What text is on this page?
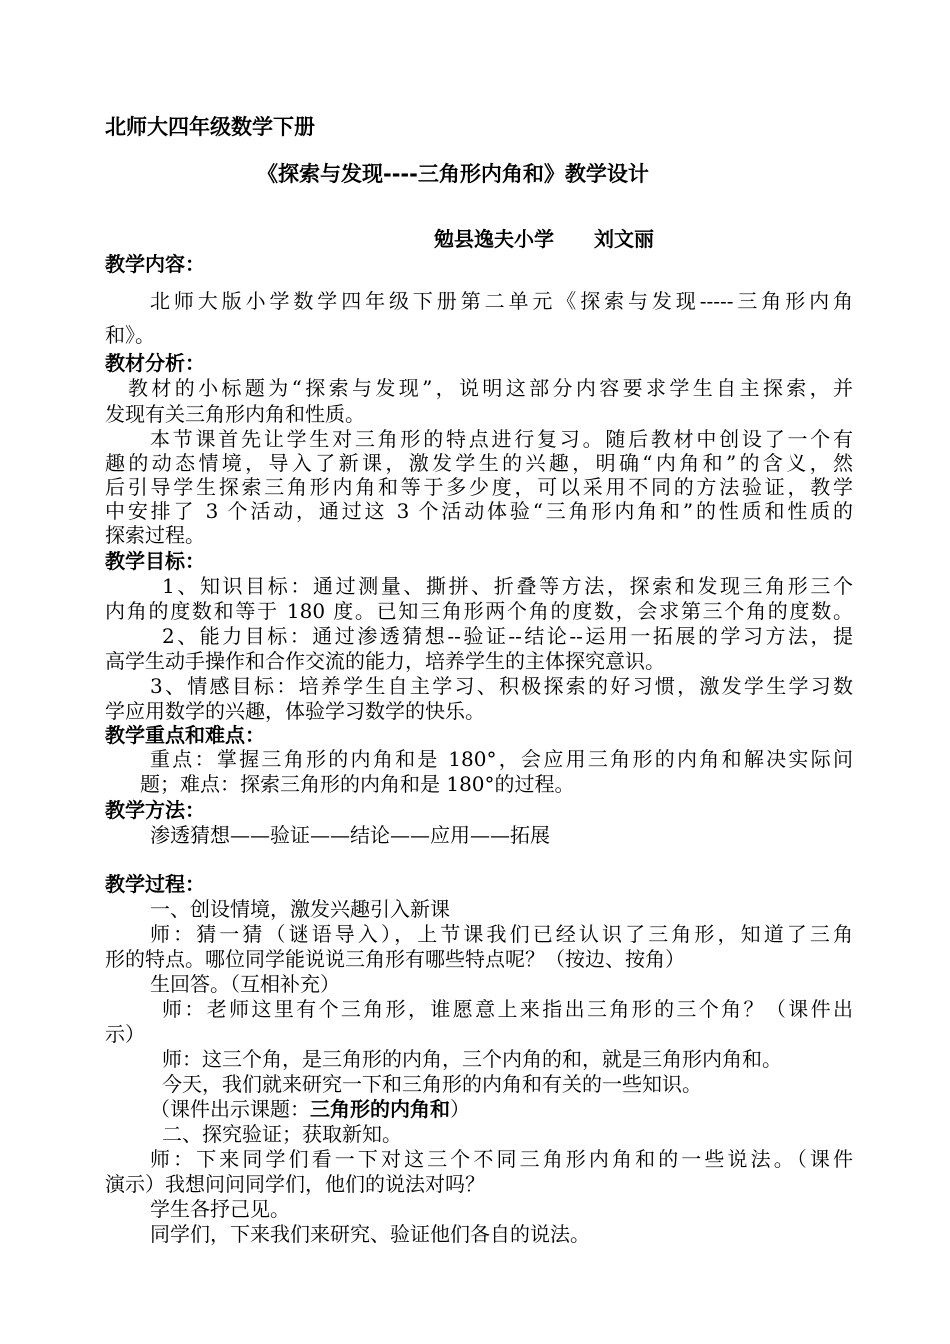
北师大四年级数学下册
《探索与发现----三角形内角和》教学设计
勉县逸夫小学 刘文丽
教学内容：
北师大版小学数学四年级下册第二单元《探索与发现-----三角形内角
和》。
教材分析：
教材的小标题为“探索与发现”，说明这部分内容要求学生自主探索，并
发现有关三角形内角和性质。
本节课首先让学生对三角形的特点进行复习。随后教材中创设了一个有
趣的动态情境，导入了新课，激发学生的兴趣，明确“内角和”的含义，然
后引导学生探索三角形内角和等于多少度，可以采用不同的方法验证，教学
中安排了 3 个活动，通过这 3 个活动体验“三角形内角和”的性质和性质的
探索过程。
教学目标：
1、知识目标：通过测量、撕拼、折叠等方法，探索和发现三角形三个
内角的度数和等于 180 度。已知三角形两个角的度数，会求第三个角的度数。
2、能力目标：通过渗透猜想--验证--结论--运用一拓展的学习方法，提
高学生动手操作和合作交流的能力，培养学生的主体探究意识。
3、情感目标：培养学生自主学习、积极探索的好习惯，激发学生学习数
学应用数学的兴趣，体验学习数学的快乐。
教学重点和难点：
重点：掌握三角形的内角和是 180°，会应用三角形的内角和解决实际问
题；难点：探索三角形的内角和是 180°的过程。
教学方法：
渗透猜想——验证——结论——应用——拓展
教学过程：
一、创设情境，激发兴趣引入新课
师：猜一猜（谜语导入），上节课我们已经认识了三角形，知道了三角
形的特点。哪位同学能说说三角形有哪些特点呢？（按边、按角）
生回答。（互相补充）
师：老师这里有个三角形，谁愿意上来指出三角形的三个角？（课件出
示）
师：这三个角，是三角形的内角，三个内角的和，就是三角形内角和。
今天，我们就来研究一下和三角形的内角和有关的一些知识。
（课件出示课题：三角形的内角和）
二、探究验证；获取新知。
师：下来同学们看一下对这三个不同三角形内角和的一些说法。（课件
演示）我想问问同学们，他们的说法对吗？
学生各抒己见。
同学们，下来我们来研究、验证他们各自的说法。
